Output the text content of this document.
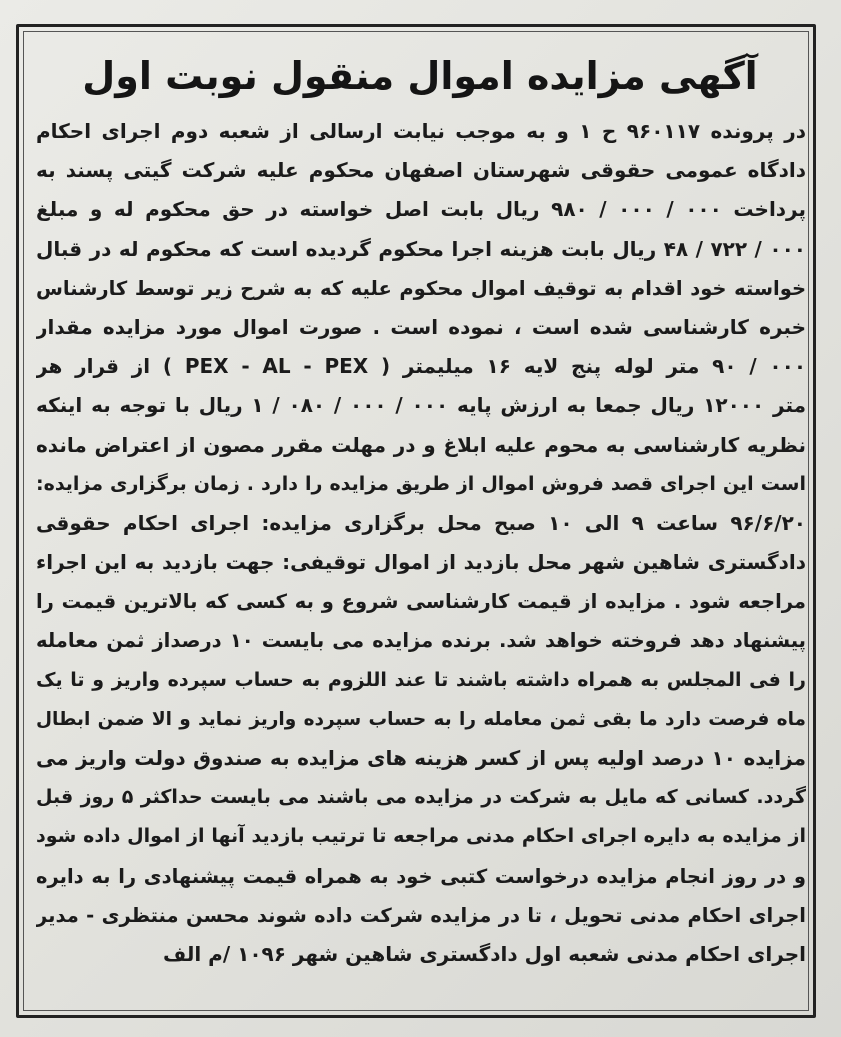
آگهی مزایده اموال منقول نوبت اول
در پرونده ۹۶۰۱۱۷ ح ۱ و به موجب نیابت ارسالی از شعبه دوم اجرای احکام
دادگاه عمومی حقوقی شهرستان اصفهان محکوم علیه شرکت گیتی پسند به
پرداخت ۰۰۰ / ۰۰۰ / ۹۸۰ ریال بابت اصل خواسته در حق محکوم له و مبلغ
۰۰۰ / ۷۲۲ / ۴۸ ریال بابت هزینه اجرا محکوم گردیده است که محکوم له در قبال
خواسته خود اقدام به توقیف اموال محکوم علیه که به شرح زیر توسط کارشناس
خبره کارشناسی شده است ، نموده است . صورت اموال مورد مزایده مقدار
۰۰۰ / ۹۰ متر لوله پنج لایه ۱۶ میلیمتر ( PEX - AL - PEX ) از قرار هر
متر ۱۲۰۰۰ ریال جمعا به ارزش پایه ۰۰۰ / ۰۰۰ / ۰۸۰ / ۱ ریال با توجه به اینکه
نظریه کارشناسی به محوم علیه ابلاغ و در مهلت مقرر مصون از اعتراض مانده
است این اجرای قصد فروش اموال از طریق مزایده را دارد . زمان برگزاری مزایده:
۹۶/۶/۲۰ ساعت ۹ الی ۱۰ صبح محل برگزاری مزایده: اجرای احکام حقوقی
دادگستری شاهین شهر محل بازدید از اموال توقیفی: جهت بازدید به این اجراء
مراجعه شود . مزایده از قیمت کارشناسی شروع و به کسی که بالاترین قیمت را
پیشنهاد دهد فروخته خواهد شد. برنده مزایده می بایست ۱۰ درصداز ثمن معامله
را فی المجلس به همراه داشته باشند تا عند اللزوم به حساب سپرده واریز و تا یک
ماه فرصت دارد ما بقی ثمن معامله را به حساب سپرده واریز نماید و الا ضمن ابطال
مزایده ۱۰ درصد اولیه پس از کسر هزینه های مزایده به صندوق دولت واریز می
گردد. کسانی که مایل به شرکت در مزایده می باشند می بایست حداکثر ۵ روز قبل
از مزایده به دایره اجرای احکام مدنی مراجعه تا ترتیب بازدید آنها از اموال داده شود
و در روز انجام مزایده درخواست کتبی خود به همراه قیمت پیشنهادی را به دایره
اجرای احکام مدنی تحویل ، تا در مزایده شرکت داده شوند محسن منتظری - مدیر
اجرای احکام مدنی شعبه اول دادگستری شاهین شهر ۱۰۹۶ /م الف
